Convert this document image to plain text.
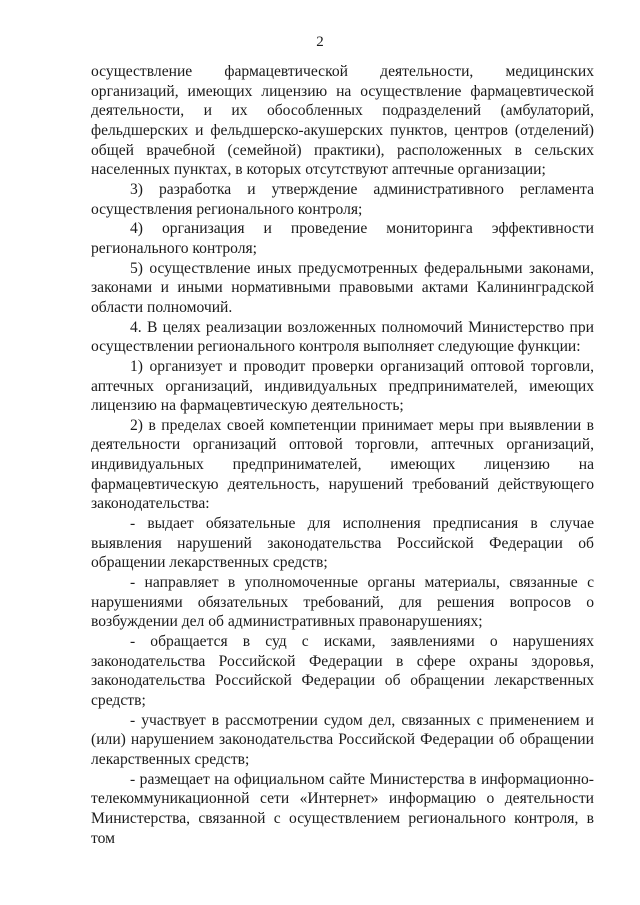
2

осуществление фармацевтической деятельности, медицинских организаций, имеющих лицензию на осуществление фармацевтической деятельности, и их обособленных подразделений (амбулаторий, фельдшерских и фельдшерско-акушерских пунктов, центров (отделений) общей врачебной (семейной) практики), расположенных в сельских населенных пунктах, в которых отсутствуют аптечные организации;

3) разработка и утверждение административного регламента осуществления регионального контроля;

4) организация и проведение мониторинга эффективности регионального контроля;

5) осуществление иных предусмотренных федеральными законами, законами и иными нормативными правовыми актами Калининградской области полномочий.

4. В целях реализации возложенных полномочий Министерство при осуществлении регионального контроля выполняет следующие функции:

1) организует и проводит проверки организаций оптовой торговли, аптечных организаций, индивидуальных предпринимателей, имеющих лицензию на фармацевтическую деятельность;

2) в пределах своей компетенции принимает меры при выявлении в деятельности организаций оптовой торговли, аптечных организаций, индивидуальных предпринимателей, имеющих лицензию на фармацевтическую деятельность, нарушений требований действующего законодательства:

- выдает обязательные для исполнения предписания в случае выявления нарушений законодательства Российской Федерации об обращении лекарственных средств;

- направляет в уполномоченные органы материалы, связанные с нарушениями обязательных требований, для решения вопросов о возбуждении дел об административных правонарушениях;

- обращается в суд с исками, заявлениями о нарушениях законодательства Российской Федерации в сфере охраны здоровья, законодательства Российской Федерации об обращении лекарственных средств;

- участвует в рассмотрении судом дел, связанных с применением и (или) нарушением законодательства Российской Федерации об обращении лекарственных средств;

- размещает на официальном сайте Министерства в информационно-телекоммуникационной сети «Интернет» информацию о деятельности Министерства, связанной с осуществлением регионального контроля, в том
